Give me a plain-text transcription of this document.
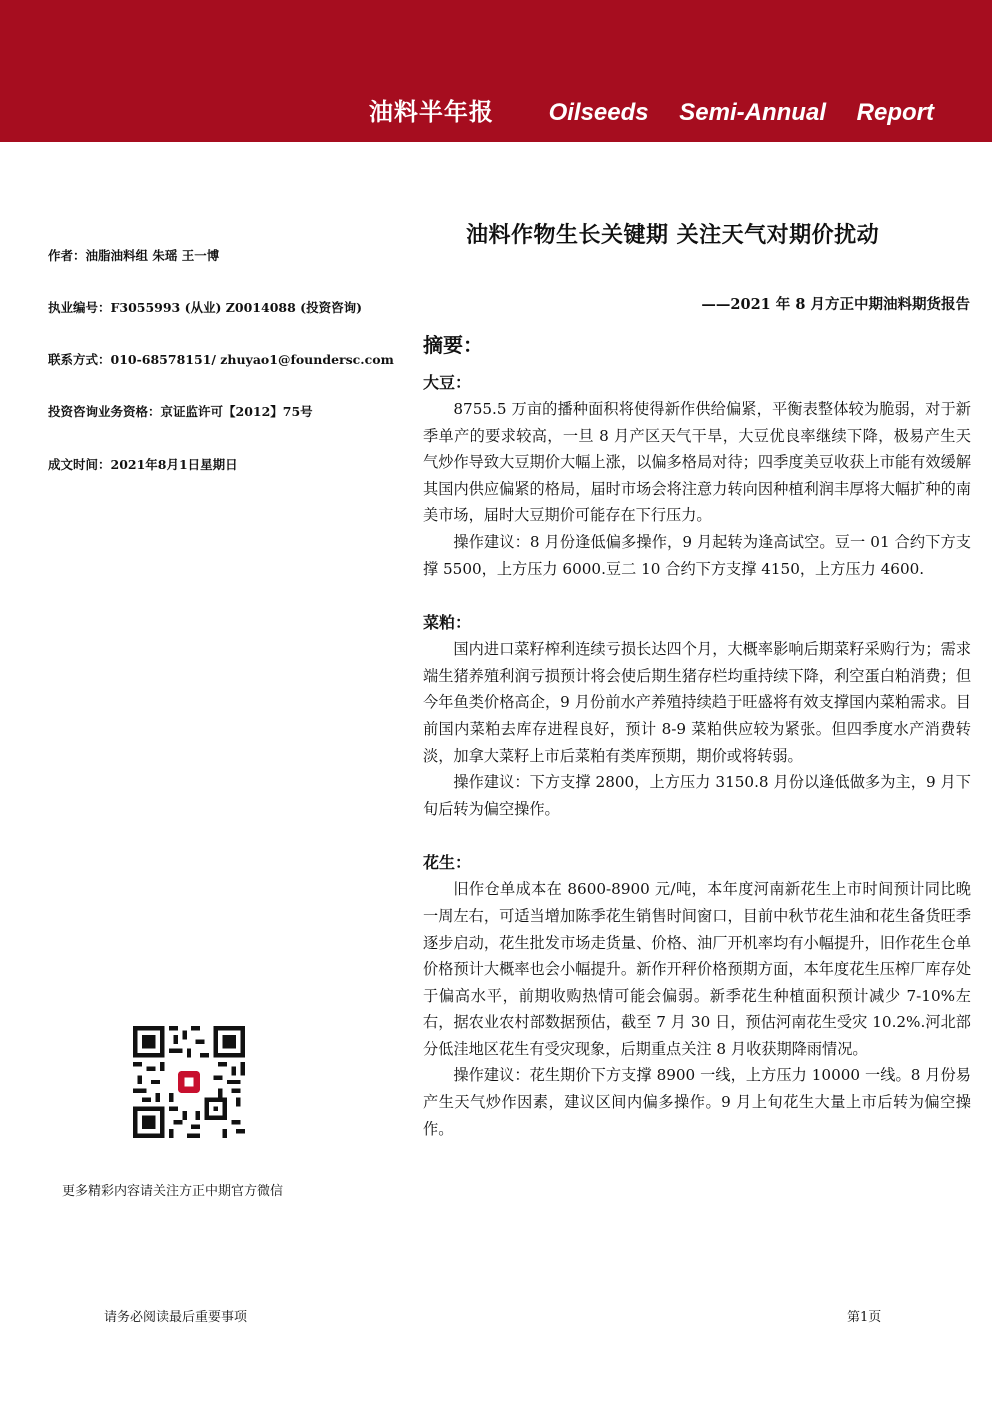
油料半年报 Oilseeds Semi-Annual Report
作者：油脂油料组 朱瑶 王一博
执业编号：F3055993 (从业) Z0014088 (投资咨询)
联系方式：010-68578151/ zhuyao1@foundersc.com
投资咨询业务资格：京证监许可【2012】75号
成文时间：2021年8月1日星期日
油料作物生长关键期 关注天气对期价扰动
——2021 年 8 月方正中期油料期货报告
摘要：
大豆：

8755.5 万亩的播种面积将使得新作供给偏紧，平衡表整体较为脆弱，对于新季单产的要求较高，一旦 8 月产区天气干旱，大豆优良率继续下降，极易产生天气炒作导致大豆期价大幅上涨，以偏多格局对待；四季度美豆收获上市能有效缓解其国内供应偏紧的格局，届时市场会将注意力转向因种植利润丰厚将大幅扩种的南美市场，届时大豆期价可能存在下行压力。

操作建议：8 月份逢低偏多操作，9 月起转为逢高试空。豆一 01 合约下方支撑 5500，上方压力 6000.豆二 10 合约下方支撑 4150，上方压力 4600.

菜粕：

国内进口菜籽榨利连续亏损长达四个月，大概率影响后期菜籽采购行为；需求端生猪养殖利润亏损预计将会使后期生猪存栏均重持续下降，利空蛋白粕消费；但今年鱼类价格高企，9 月份前水产养殖持续趋于旺盛将有效支撑国内菜粕需求。目前国内菜粕去库存进程良好，预计 8-9 菜粕供应较为紧张。但四季度水产消费转淡，加拿大菜籽上市后菜粕有类库预期，期价或将转弱。

操作建议：下方支撑 2800，上方压力 3150.8 月份以逢低做多为主，9 月下旬后转为偏空操作。

花生：

旧作仓单成本在 8600-8900 元/吨，本年度河南新花生上市时间预计同比晚一周左右，可适当增加陈季花生销售时间窗口，目前中秋节花生油和花生备货旺季逐步启动，花生批发市场走货量、价格、油厂开机率均有小幅提升，旧作花生仓单价格预计大概率也会小幅提升。新作开秤价格预期方面，本年度花生压榨厂库存处于偏高水平，前期收购热情可能会偏弱。新季花生种植面积预计减少 7-10%左右，据农业农村部数据预估，截至 7 月 30 日，预估河南花生受灾 10.2%.河北部分低洼地区花生有受灾现象，后期重点关注 8 月收获期降雨情况。

操作建议：花生期价下方支撑 8900 一线，上方压力 10000 一线。8 月份易产生天气炒作因素，建议区间内偏多操作。9 月上旬花生大量上市后转为偏空操作。

更多精彩内容请关注方正中期官方微信
请务必阅读最后重要事项	第1页
